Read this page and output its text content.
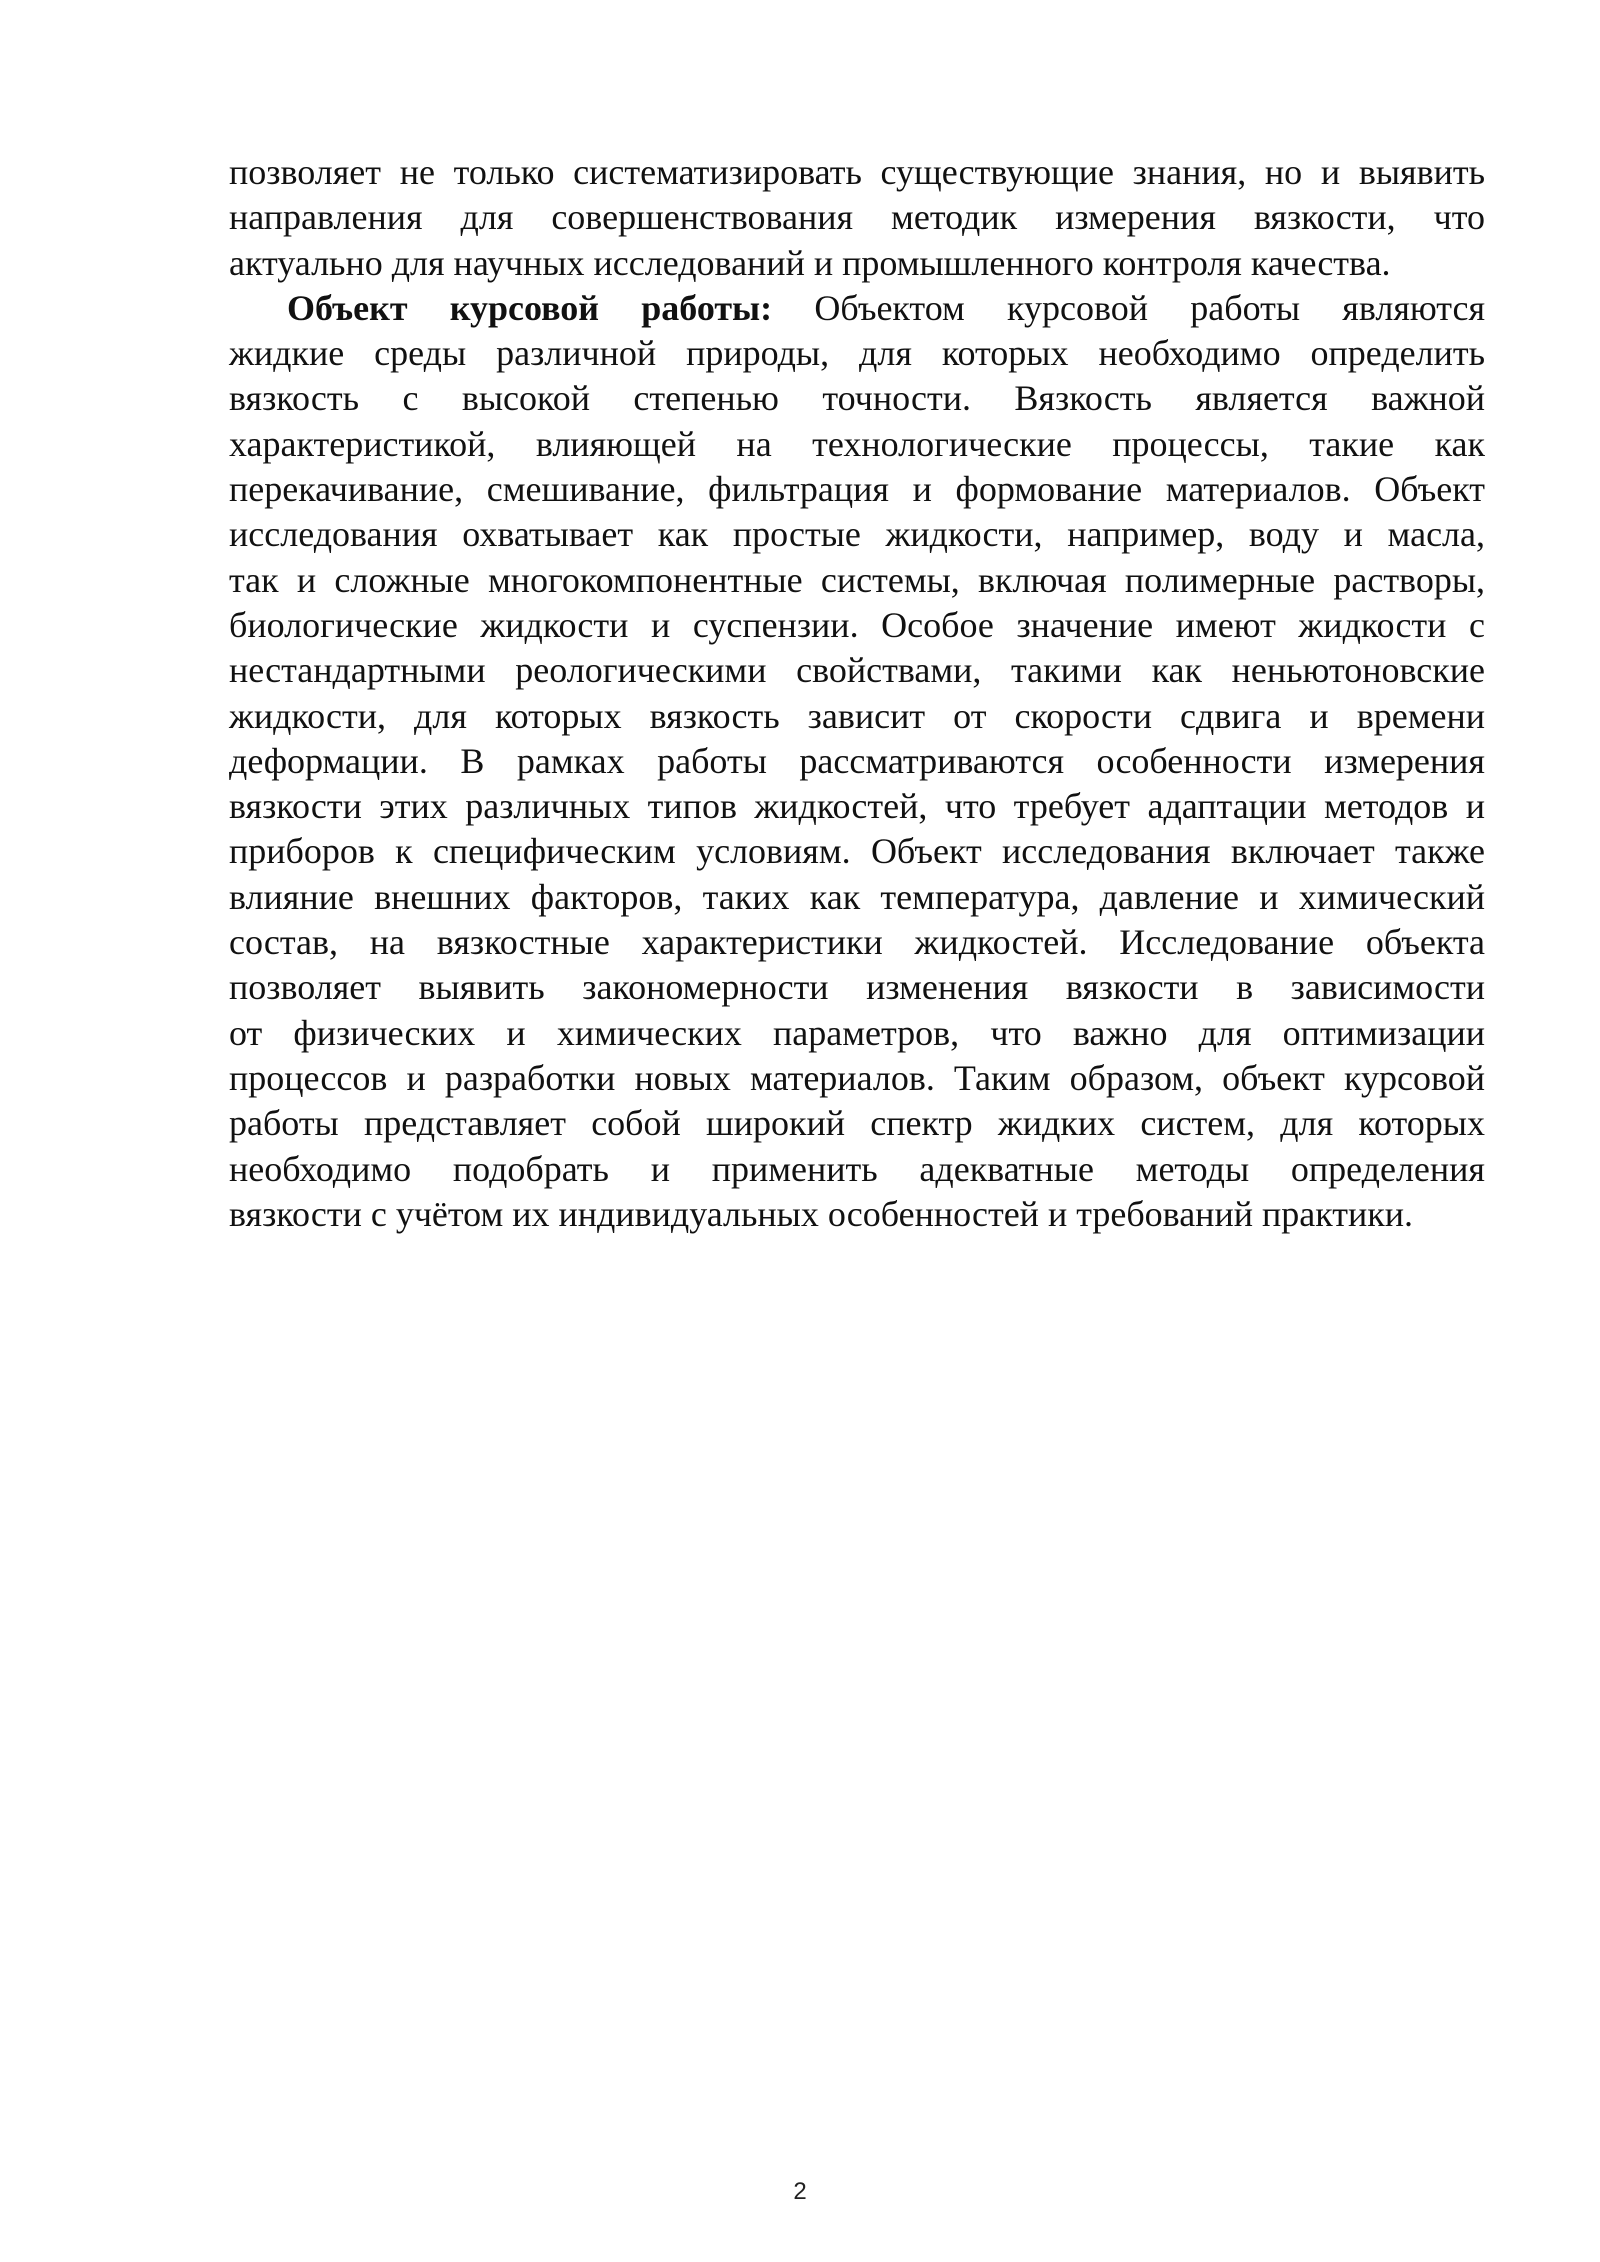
позволяет не только систематизировать существующие знания, но и выявить
направления для совершенствования методик измерения вязкости, что
актуально для научных исследований и промышленного контроля качества.
Объект курсовой работы: Объектом курсовой работы являются
жидкие среды различной природы, для которых необходимо определить
вязкость с высокой степенью точности. Вязкость является важной
характеристикой, влияющей на технологические процессы, такие как
перекачивание, смешивание, фильтрация и формование материалов. Объект
исследования охватывает как простые жидкости, например, воду и масла,
так и сложные многокомпонентные системы, включая полимерные растворы,
биологические жидкости и суспензии. Особое значение имеют жидкости с
нестандартными реологическими свойствами, такими как неньютоновские
жидкости, для которых вязкость зависит от скорости сдвига и времени
деформации. В рамках работы рассматриваются особенности измерения
вязкости этих различных типов жидкостей, что требует адаптации методов и
приборов к специфическим условиям. Объект исследования включает также
влияние внешних факторов, таких как температура, давление и химический
состав, на вязкостные характеристики жидкостей. Исследование объекта
позволяет выявить закономерности изменения вязкости в зависимости
от физических и химических параметров, что важно для оптимизации
процессов и разработки новых материалов. Таким образом, объект курсовой
работы представляет собой широкий спектр жидких систем, для которых
необходимо подобрать и применить адекватные методы определения
вязкости с учётом их индивидуальных особенностей и требований практики.
2
